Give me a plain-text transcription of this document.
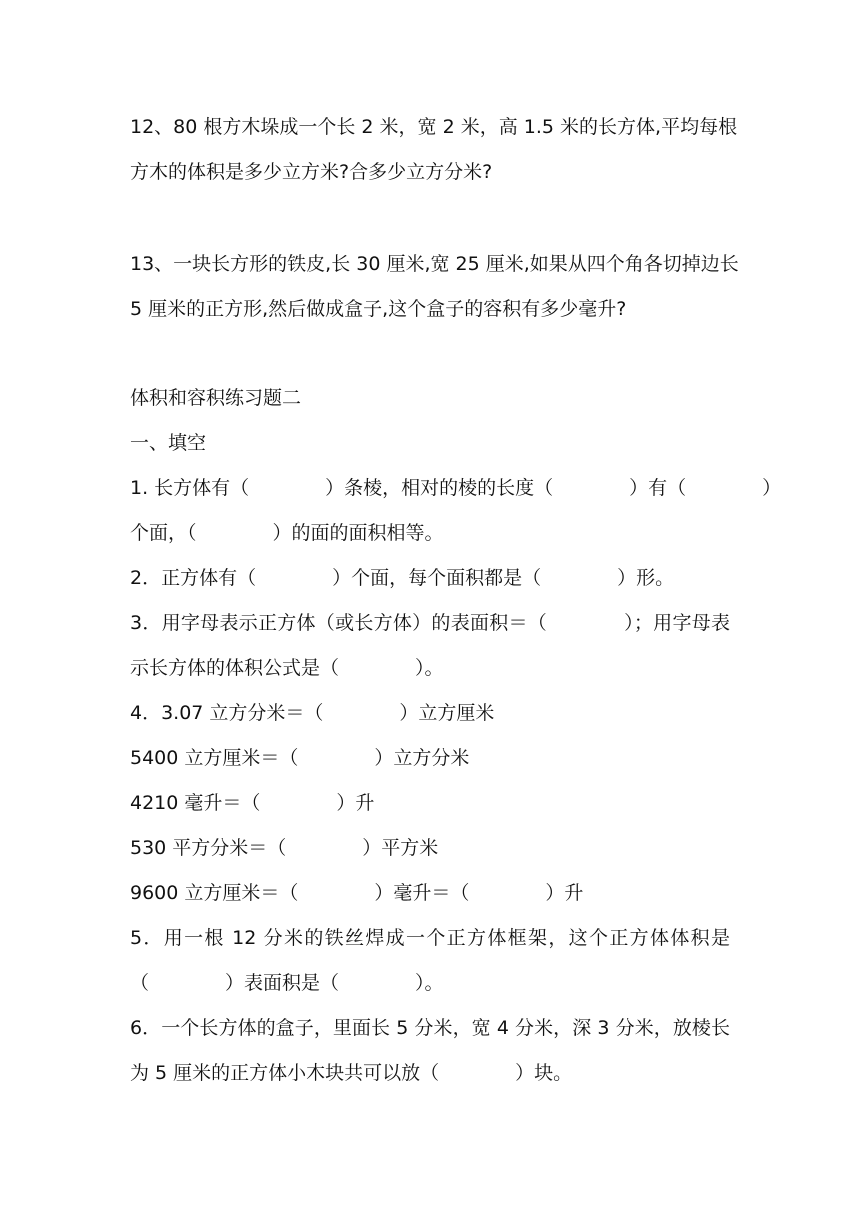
12、80 根方木垛成一个长 2 米，宽 2 米，高 1.5 米的长方体,平均每根
方木的体积是多少立方米?合多少立方分米?
13、一块长方形的铁皮,长 30 厘米,宽 25 厘米,如果从四个角各切掉边长
5 厘米的正方形,然后做成盒子,这个盒子的容积有多少毫升?
体积和容积练习题二
一、填空
1. 长方体有（　　　　）条棱，相对的棱的长度（　　　　）有（　　　　）
个面，（　　　　）的面的面积相等。
2．正方体有（　　　　）个面，每个面积都是（　　　　）形。
3．用字母表示正方体（或长方体）的表面积＝（　　　　）；用字母表
示长方体的体积公式是（　　　　）。
4．3.07 立方分米＝（　　　　）立方厘米
5400 立方厘米＝（　　　　）立方分米
4210 毫升＝（　　　　）升
530 平方分米＝（　　　　）平方米
9600 立方厘米＝（　　　　）毫升＝（　　　　）升
5．用一根 12 分米的铁丝焊成一个正方体框架，这个正方体体积是
（　　　　）表面积是（　　　　）。
6．一个长方体的盒子，里面长 5 分米，宽 4 分米，深 3 分米，放棱长
为 5 厘米的正方体小木块共可以放（　　　　）块。
